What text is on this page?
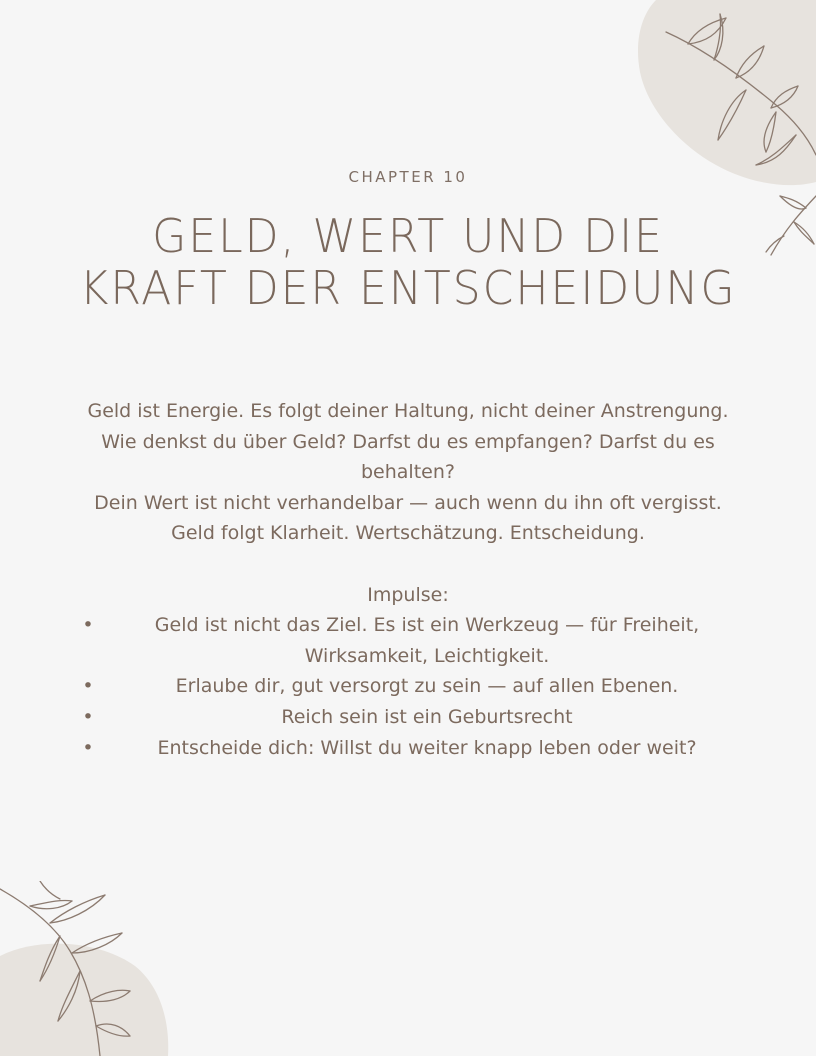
CHAPTER 10
GELD, WERT UND DIE
KRAFT DER ENTSCHEIDUNG

Geld ist Energie. Es folgt deiner Haltung, nicht deiner Anstrengung.

Wie denkst du über Geld? Darfst du es empfangen? Darfst du es behalten?

Dein Wert ist nicht verhandelbar — auch wenn du ihn oft vergisst.

Geld folgt Klarheit. Wertschätzung. Entscheidung.

Impulse:

•	Geld ist nicht das Ziel. Es ist ein Werkzeug — für Freiheit, Wirksamkeit, Leichtigkeit.
•	Erlaube dir, gut versorgt zu sein — auf allen Ebenen.
•	Reich sein ist ein Geburtsrecht
•	Entscheide dich: Willst du weiter knapp leben oder weit?
